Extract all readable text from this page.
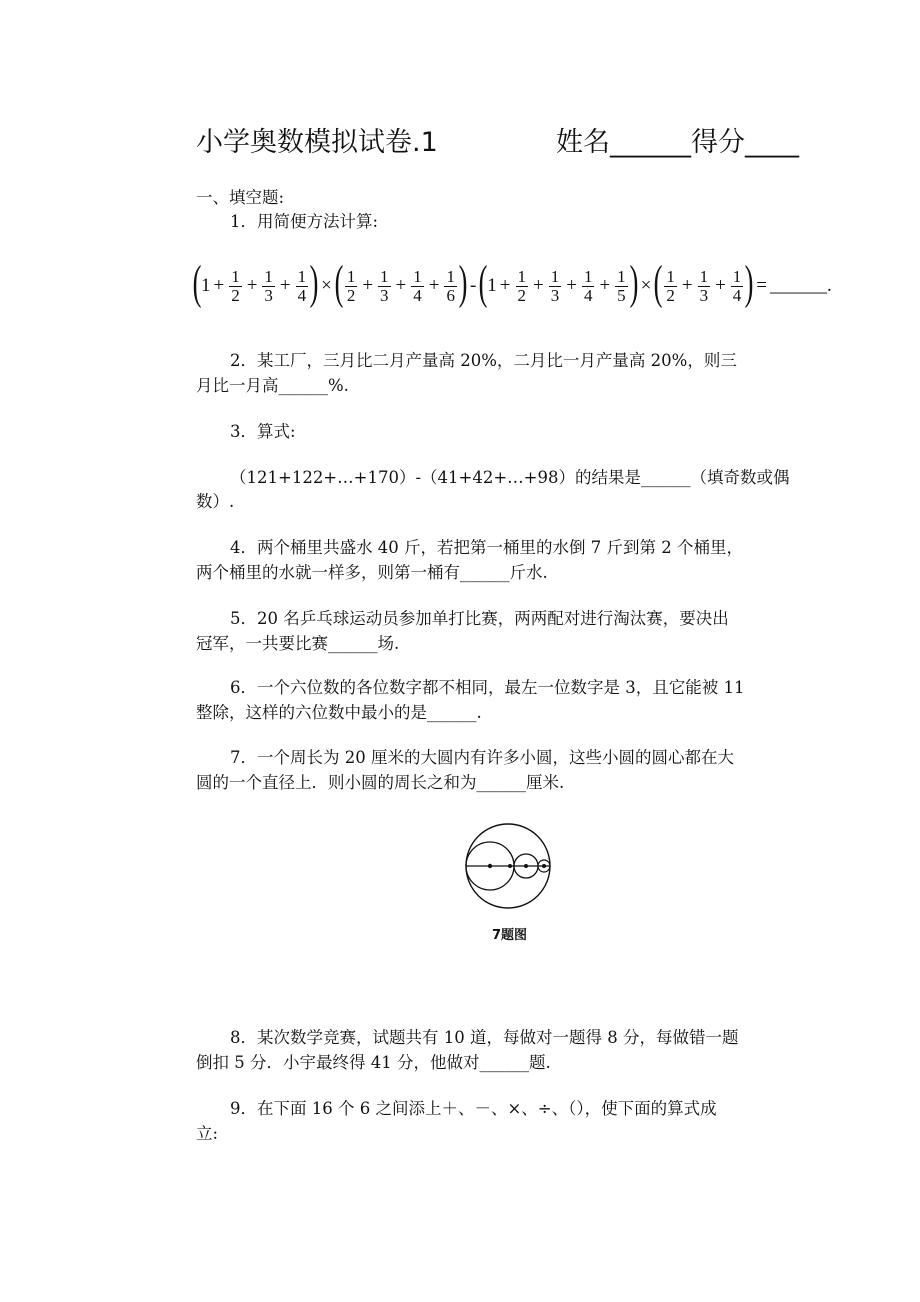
小学奥数模拟试卷.1	姓名______得分____
一、填空题:
1．用简便方法计算:
( $1 + \frac{1}{2} + \frac{1}{3} + \frac{1}{4}$ ) × ( $\frac{1}{2} + \frac{1}{3} + \frac{1}{4} + \frac{1}{6}$ ) - ( $1 + \frac{1}{2} + \frac{1}{3} + \frac{1}{4} + \frac{1}{5}$ ) × ( $\frac{1}{2} + \frac{1}{3} + \frac{1}{4}$ ) = ______ .
2．某工厂，三月比二月产量高 20%，二月比一月产量高 20%，则三
月比一月高______%.
3．算式:
（121+122+…+170）-（41+42+…+98）的结果是______（填奇数或偶
数）.
4．两个桶里共盛水 40 斤，若把第一桶里的水倒 7 斤到第 2 个桶里，
两个桶里的水就一样多，则第一桶有______斤水.
5．20 名乒乓球运动员参加单打比赛，两两配对进行淘汰赛，要决出
冠军，一共要比赛______场.
6．一个六位数的各位数字都不相同，最左一位数字是 3，且它能被 11
整除，这样的六位数中最小的是______.
7．一个周长为 20 厘米的大圆内有许多小圆，这些小圆的圆心都在大
圆的一个直径上．则小圆的周长之和为______厘米.
7题图
8．某次数学竞赛，试题共有 10 道，每做对一题得 8 分，每做错一题
倒扣 5 分．小宇最终得 41 分，他做对______题.
9．在下面 16 个 6 之间添上＋、－、×、÷、（），使下面的算式成
立:
